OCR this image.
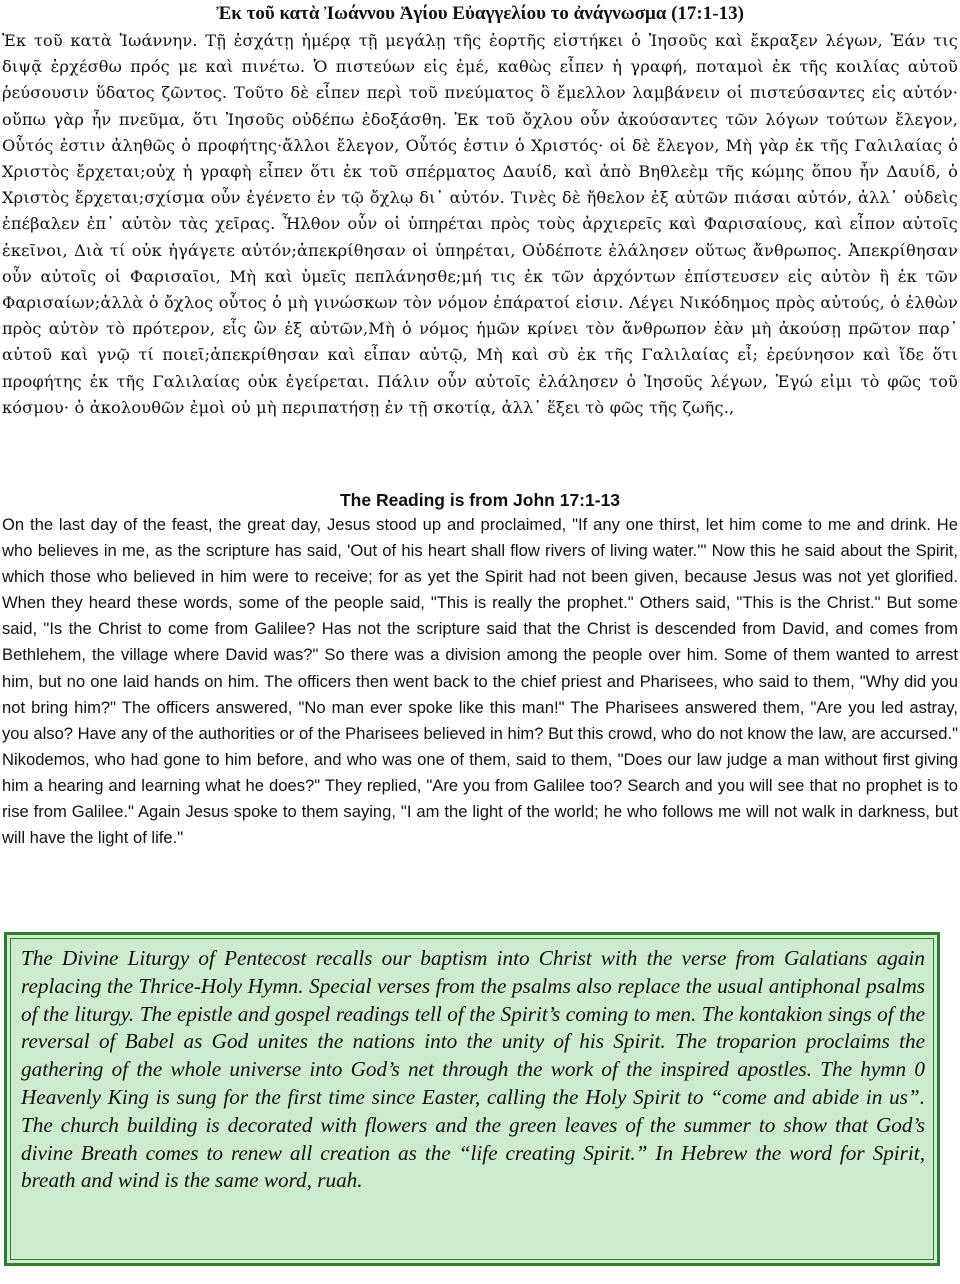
Ἐκ τοῦ κατὰ Ἰωάννου Ἁγίου Εὐαγγελίου το ἀνάγνωσμα (17:1-13)
Ἐκ τοῦ κατὰ Ἰωάννην. Τῇ ἐσχάτῃ ἡμέρᾳ τῇ μεγάλῃ τῆς ἑορτῆς εἱστήκει ὁ Ἰησοῦς καὶ ἔκραξεν λέγων, Ἐάν τις διψᾷ ἐρχέσθω πρός με καὶ πινέτω. Ὁ πιστεύων εἰς ἐμέ, καθὼς εἶπεν ἡ γραφή, ποταμοὶ ἐκ τῆς κοιλίας αὐτοῦ ῥεύσουσιν ὕδατος ζῶντος. Τοῦτο δὲ εἶπεν περὶ τοῦ πνεύματος ὃ ἔμελλον λαμβάνειν οἱ πιστεύσαντες εἰς αὐτόν· οὔπω γὰρ ἦν πνεῦμα, ὅτι Ἰησοῦς οὐδέπω ἐδοξάσθη. Ἐκ τοῦ ὄχλου οὖν ἀκούσαντες τῶν λόγων τούτων ἔλεγον, Οὗτός ἐστιν ἀληθῶς ὁ προφήτης·ἄλλοι ἔλεγον, Οὗτός ἐστιν ὁ Χριστός· οἱ δὲ ἔλεγον, Μὴ γὰρ ἐκ τῆς Γαλιλαίας ὁ Χριστὸς ἔρχεται;οὐχ ἡ γραφὴ εἶπεν ὅτι ἐκ τοῦ σπέρματος Δαυίδ, καὶ ἀπὸ Βηθλεὲμ τῆς κώμης ὅπου ἦν Δαυίδ, ὁ Χριστὸς ἔρχεται;σχίσμα οὖν ἐγένετο ἐν τῷ ὄχλῳ δι᾿ αὐτόν. Τινὲς δὲ ἤθελον ἐξ αὐτῶν πιάσαι αὐτόν, ἀλλ᾿ οὐδεὶς ἐπέβαλεν ἐπ᾿ αὐτὸν τὰς χεῖρας. Ἦλθον οὖν οἱ ὑπηρέται πρὸς τοὺς ἀρχιερεῖς καὶ Φαρισαίους, καὶ εἶπον αὐτοῖς ἐκεῖνοι, Διὰ τί οὐκ ἠγάγετε αὐτόν;ἀπεκρίθησαν οἱ ὑπηρέται, Οὐδέποτε ἐλάλησεν οὕτως ἄνθρωπος. Ἀπεκρίθησαν οὖν αὐτοῖς οἱ Φαρισαῖοι, Μὴ καὶ ὑμεῖς πεπλάνησθε;μή τις ἐκ τῶν ἀρχόντων ἐπίστευσεν εἰς αὐτὸν ἢ ἐκ τῶν Φαρισαίων;ἀλλὰ ὁ ὄχλος οὗτος ὁ μὴ γινώσκων τὸν νόμον ἐπάρατοί εἰσιν. Λέγει Νικόδημος πρὸς αὐτούς, ὁ ἐλθὼν πρὸς αὐτὸν τὸ πρότερον, εἷς ὢν ἐξ αὐτῶν,Μὴ ὁ νόμος ἡμῶν κρίνει τὸν ἄνθρωπον ἐὰν μὴ ἀκούσῃ πρῶτον παρ᾿ αὐτοῦ καὶ γνῷ τί ποιεῖ;ἀπεκρίθησαν καὶ εἶπαν αὐτῷ, Μὴ καὶ σὺ ἐκ τῆς Γαλιλαίας εἶ; ἐρεύνησον καὶ ἴδε ὅτι προφήτης ἐκ τῆς Γαλιλαίας οὐκ ἐγείρεται. Πάλιν οὖν αὐτοῖς ἐλάλησεν ὁ Ἰησοῦς λέγων, Ἐγώ εἰμι τὸ φῶς τοῦ κόσμου· ὁ ἀκολουθῶν ἐμοὶ οὐ μὴ περιπατήσῃ ἐν τῇ σκοτίᾳ, ἀλλ᾿ ἕξει τὸ φῶς τῆς ζωῆς.,
The Reading is from John 17:1-13
On the last day of the feast, the great day, Jesus stood up and proclaimed, "If any one thirst, let him come to me and drink. He who believes in me, as the scripture has said, 'Out of his heart shall flow rivers of living water.'" Now this he said about the Spirit, which those who believed in him were to receive; for as yet the Spirit had not been given, because Jesus was not yet glorified. When they heard these words, some of the people said, "This is really the prophet." Others said, "This is the Christ." But some said, "Is the Christ to come from Galilee? Has not the scripture said that the Christ is descended from David, and comes from Bethlehem, the village where David was?" So there was a division among the people over him. Some of them wanted to arrest him, but no one laid hands on him. The officers then went back to the chief priest and Pharisees, who said to them, "Why did you not bring him?" The officers answered, "No man ever spoke like this man!" The Pharisees answered them, "Are you led astray, you also? Have any of the authorities or of the Pharisees believed in him? But this crowd, who do not know the law, are accursed." Nikodemos, who had gone to him before, and who was one of them, said to them, "Does our law judge a man without first giving him a hearing and learning what he does?" They replied, "Are you from Galilee too? Search and you will see that no prophet is to rise from Galilee." Again Jesus spoke to them saying, "I am the light of the world; he who follows me will not walk in darkness, but will have the light of life."

The Divine Liturgy of Pentecost recalls our baptism into Christ with the verse from Galatians again replacing the Thrice-Holy Hymn. Special verses from the psalms also replace the usual antiphonal psalms of the liturgy. The epistle and gospel readings tell of the Spirit’s coming to men. The kontakion sings of the reversal of Babel as God unites the nations into the unity of his Spirit. The troparion proclaims the gathering of the whole universe into God’s net through the work of the inspired apostles. The hymn 0 Heavenly King is sung for the first time since Easter, calling the Holy Spirit to “come and abide in us”. The church building is decorated with flowers and the green leaves of the summer to show that God’s divine Breath comes to renew all creation as the “life creating Spirit.” In Hebrew the word for Spirit, breath and wind is the same word, ruah.
